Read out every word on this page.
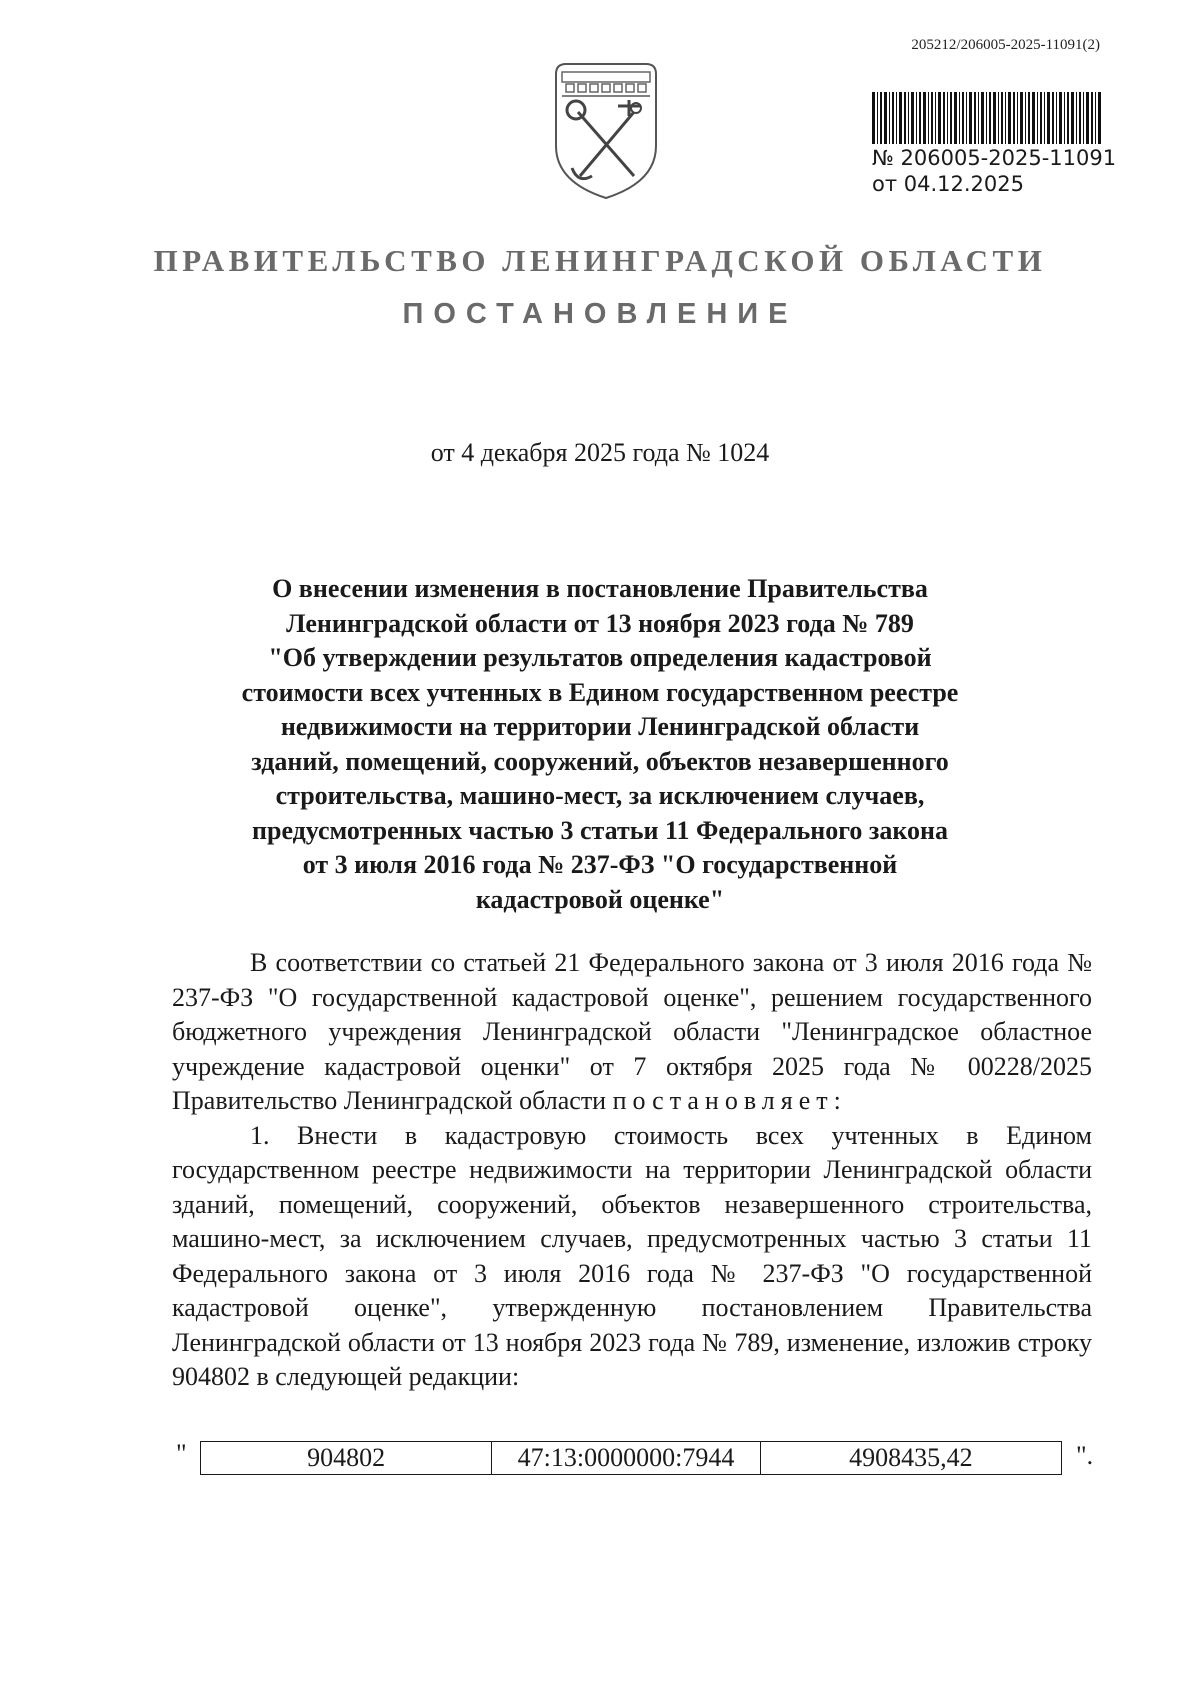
205212/206005-2025-11091(2)
№ 206005-2025-11091
от 04.12.2025
ПРАВИТЕЛЬСТВО ЛЕНИНГРАДСКОЙ ОБЛАСТИ
ПОСТАНОВЛЕНИЕ
от 4 декабря 2025 года № 1024
О внесении изменения в постановление Правительства
Ленинградской области от 13 ноября 2023 года № 789
"Об утверждении результатов определения кадастровой
стоимости всех учтенных в Едином государственном реестре
недвижимости на территории Ленинградской области
зданий, помещений, сооружений, объектов незавершенного
строительства, машино-мест, за исключением случаев,
предусмотренных частью 3 статьи 11 Федерального закона
от 3 июля 2016 года № 237-ФЗ "О государственной
кадастровой оценке"

В соответствии со статьей 21 Федерального закона от 3 июля 2016 года № 237-ФЗ "О государственной кадастровой оценке", решением государственного бюджетного учреждения Ленинградской области "Ленинградское областное учреждение кадастровой оценки" от 7 октября 2025 года № 00228/2025 Правительство Ленинградской области постановляет:

1. Внести в кадастровую стоимость всех учтенных в Едином государственном реестре недвижимости на территории Ленинградской области зданий, помещений, сооружений, объектов незавершенного строительства, машино-мест, за исключением случаев, предусмотренных частью 3 статьи 11 Федерального закона от 3 июля 2016 года № 237-ФЗ "О государственной кадастровой оценке", утвержденную постановлением Правительства Ленинградской области от 13 ноября 2023 года № 789, изменение, изложив строку 904802 в следующей редакции:

"	904802	47:13:0000000:7944	4908435,42	".
